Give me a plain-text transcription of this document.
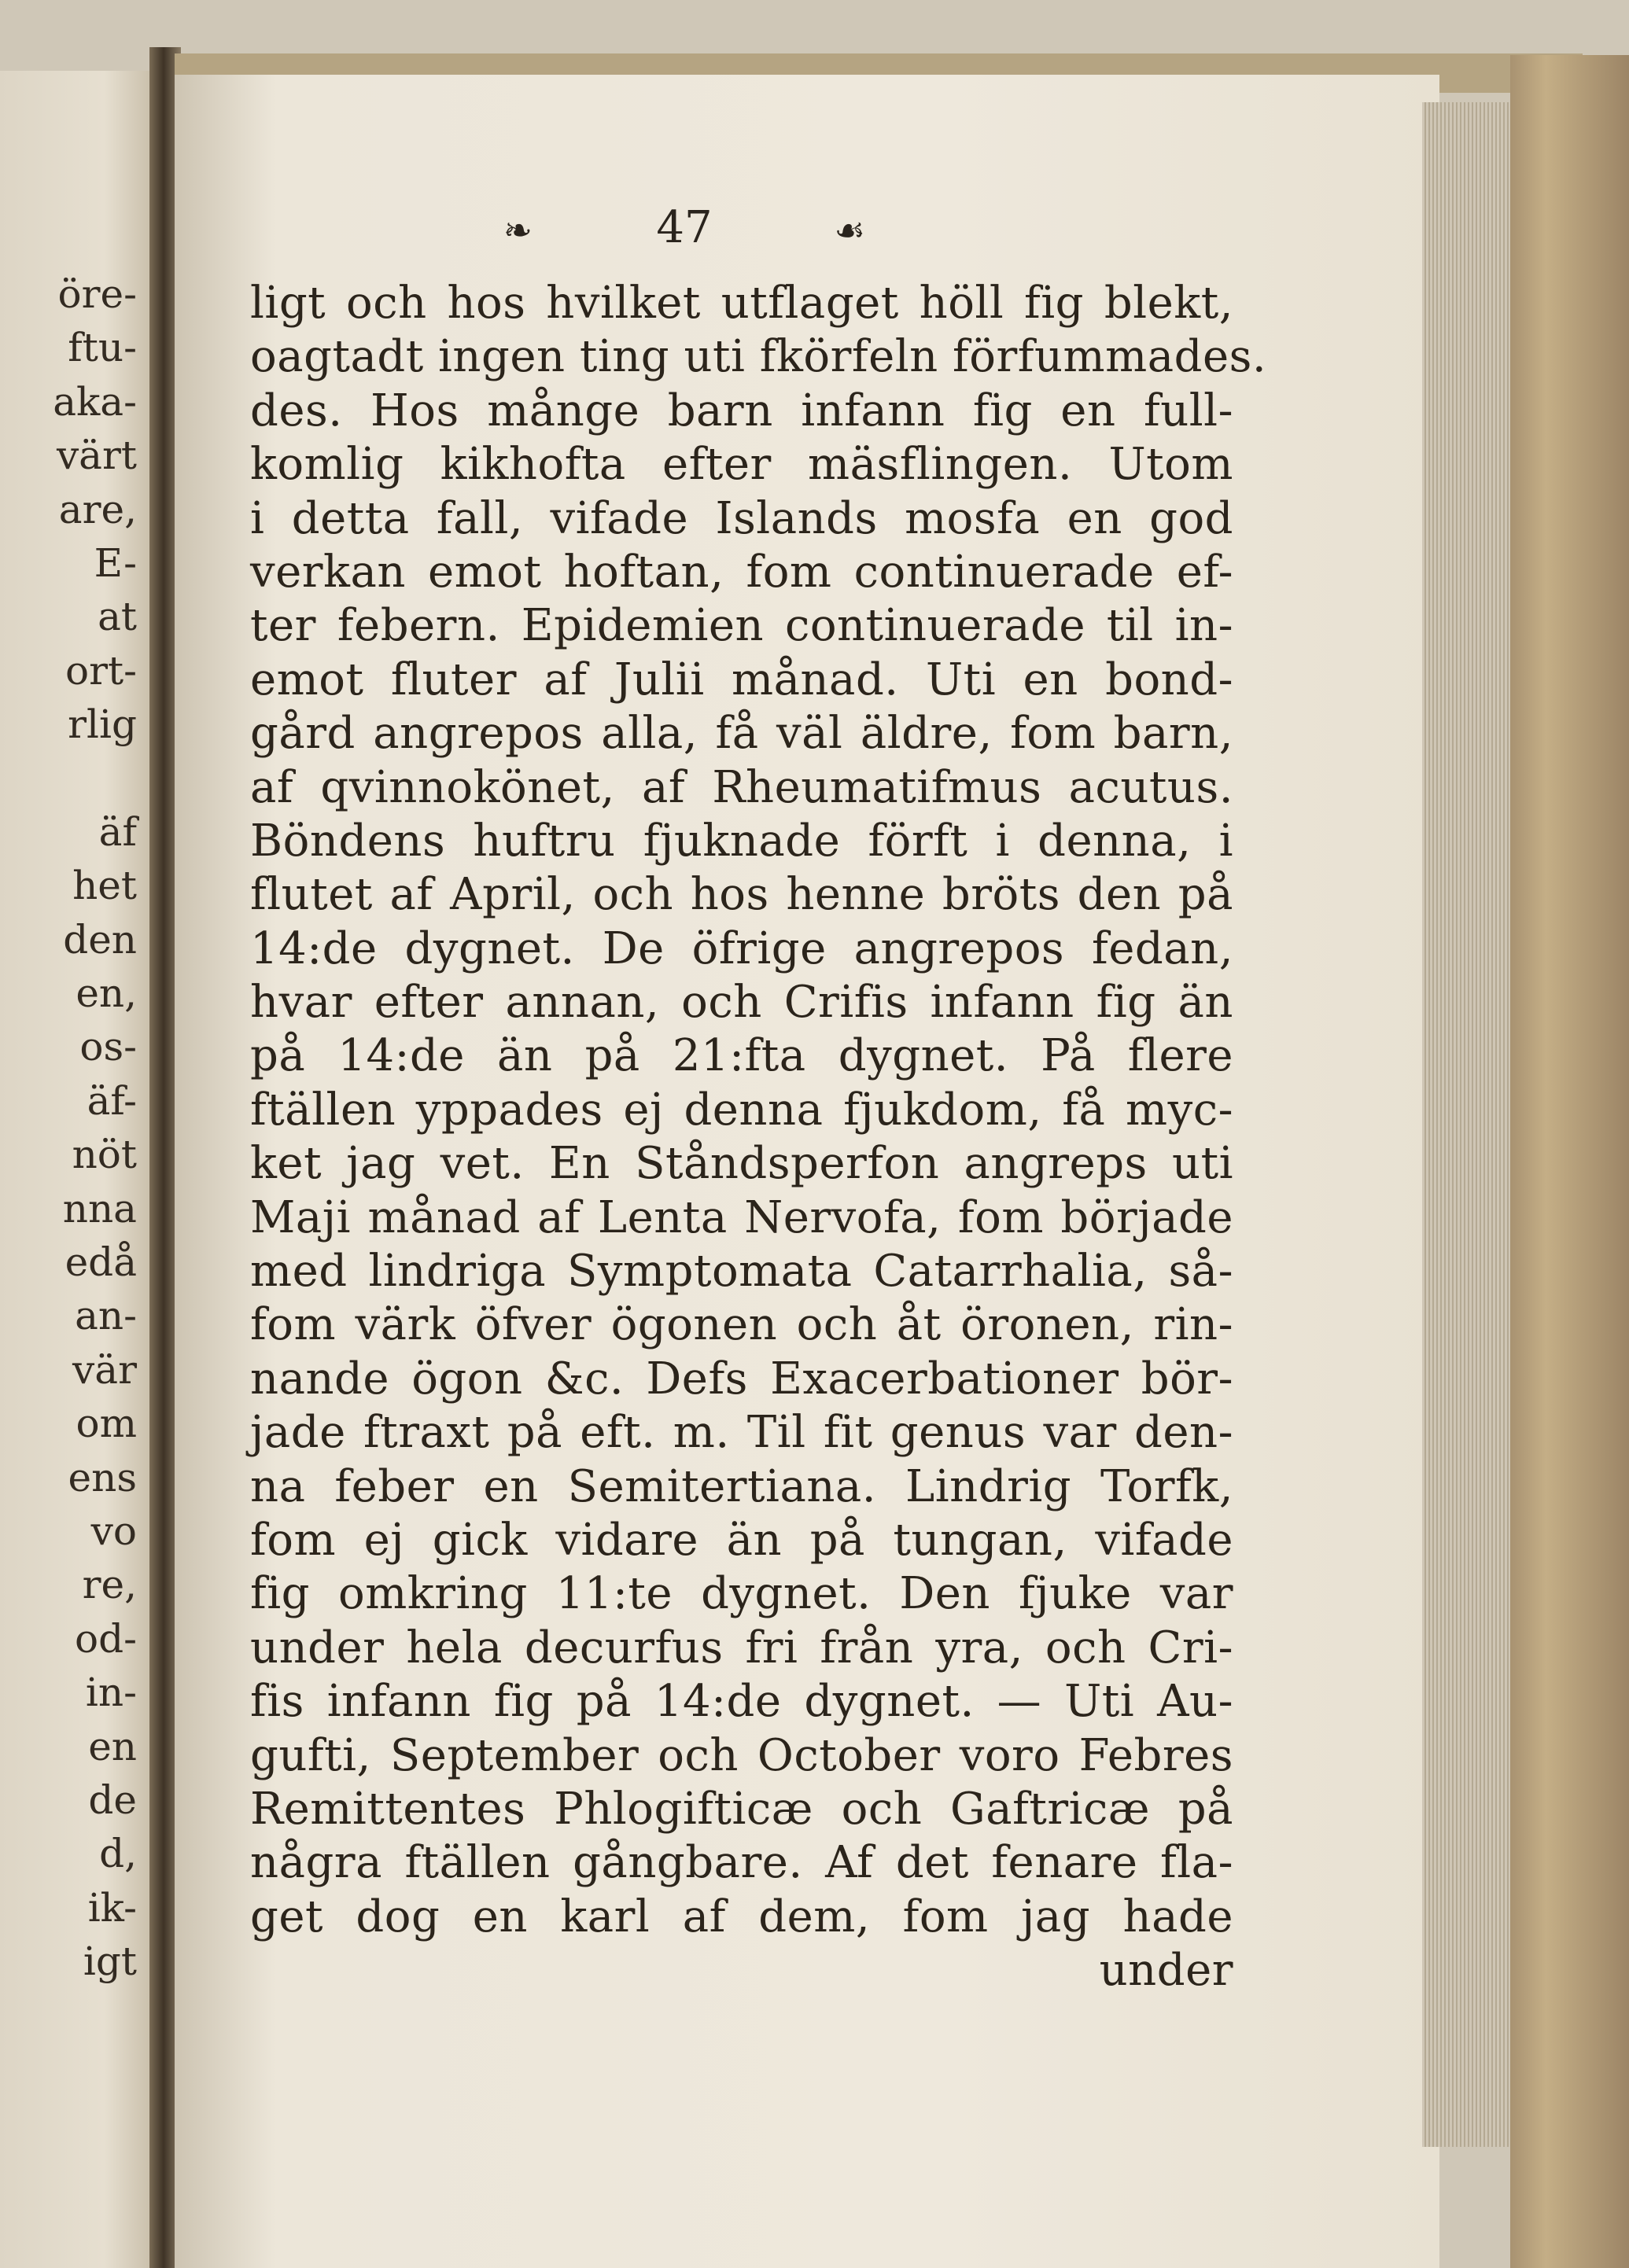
öre-
ftu-
aka-
värt
are,
E-
at
ort-
rlig
äf
het
den
en,
os-
äf-
nöt
nna
edå
an-
vär
om
ens
vo
re,
od-
in-
en
de
d,
ik-
igt
❧	47	☙
ligt och hos hvilket utflaget höll fig blekt,
oagtadt ingen ting uti fkörfeln förfummades.
des. Hos månge barn infann fig en full-
komlig kikhofta efter mäsflingen. Utom
i detta fall, vifade Islands mosfa en god
verkan emot hoftan, fom continuerade ef-
ter febern. Epidemien continuerade til in-
emot fluter af Julii månad. Uti en bond-
gård angrepos alla, få väl äldre, fom barn,
af qvinnokönet, af Rheumatifmus acutus.
Böndens huftru fjuknade förft i denna, i
flutet af April, och hos henne bröts den på
14:de dygnet. De öfrige angrepos fedan,
hvar efter annan, och Crifis infann fig än
på 14:de än på 21:fta dygnet. På flere
ftällen yppades ej denna fjukdom, få myc-
ket jag vet. En Ståndsperfon angreps uti
Maji månad af Lenta Nervofa, fom började
med lindriga Symptomata Catarrhalia, så-
fom värk öfver ögonen och åt öronen, rin-
nande ögon &c. Defs Exacerbationer bör-
jade ftraxt på eft. m. Til fit genus var den-
na feber en Semitertiana. Lindrig Torfk,
fom ej gick vidare än på tungan, vifade
fig omkring 11:te dygnet. Den fjuke var
under hela decurfus fri från yra, och Cri-
fis infann fig på 14:de dygnet. — Uti Au-
gufti, September och October voro Febres
Remittentes Phlogifticæ och Gaftricæ på
några ftällen gångbare. Af det fenare fla-
get dog en karl af dem, fom jag hade
under
